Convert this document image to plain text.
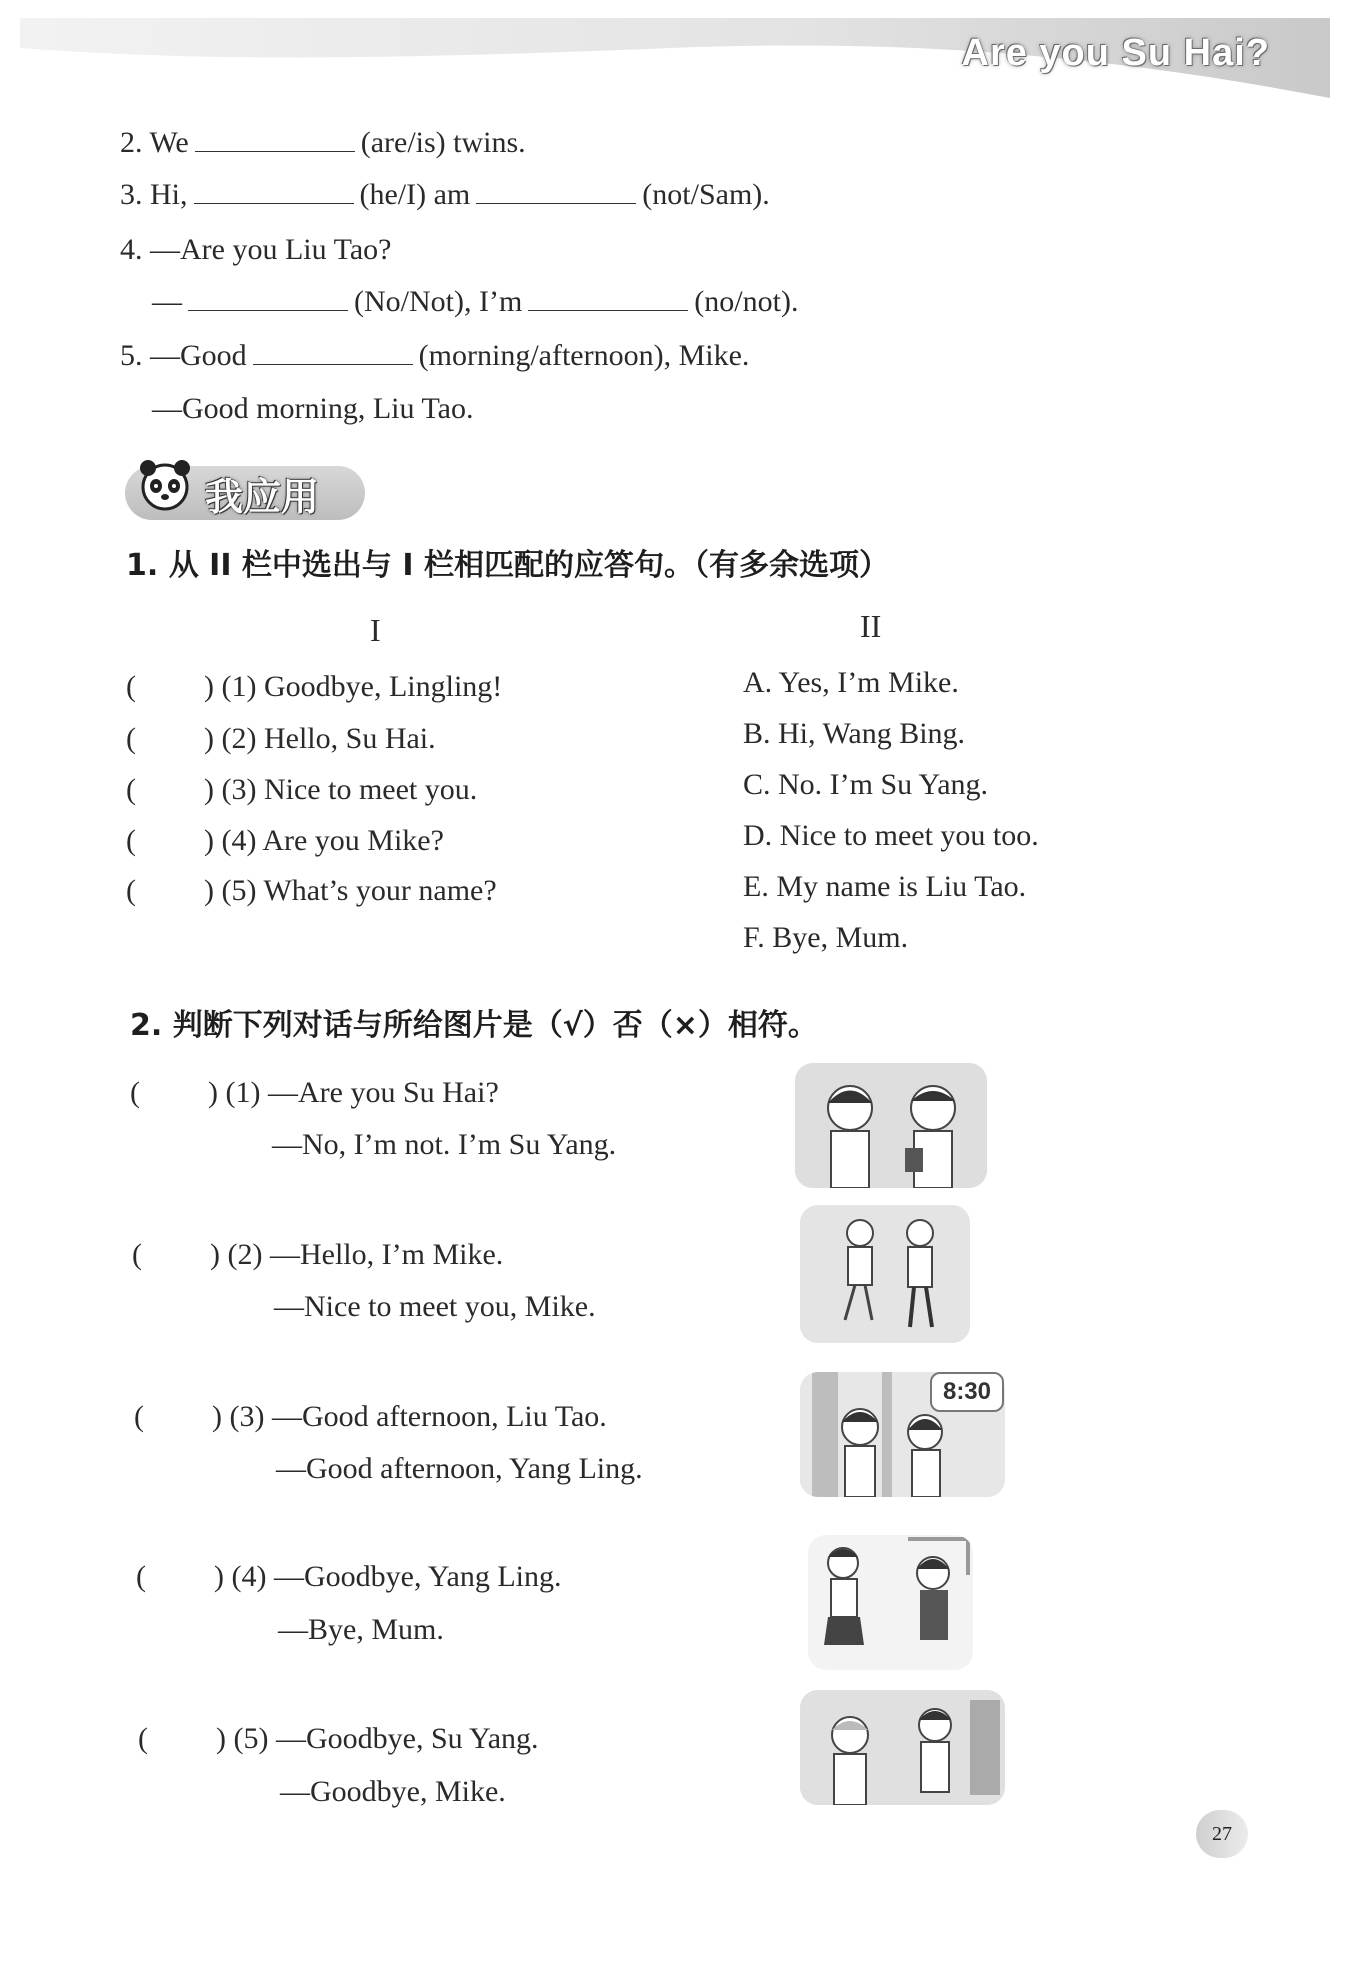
Are you Su Hai?
2. We	(are/is) twins.
3. Hi,	(he/I) am	(not/Sam).
4. —Are you Liu Tao?
—	(No/Not), I’m	(no/not).
5. —Good	(morning/afternoon), Mike.
—Good morning, Liu Tao.
我应用
1. 从 II 栏中选出与 I 栏相匹配的应答句。（有多余选项）
I	II
( ) (1) Goodbye, Lingling!
( ) (2) Hello, Su Hai.
( ) (3) Nice to meet you.
( ) (4) Are you Mike?
( ) (5) What’s your name?
A. Yes, I’m Mike.
B. Hi, Wang Bing.
C. No. I’m Su Yang.
D. Nice to meet you too.
E. My name is Liu Tao.
F. Bye, Mum.
2. 判断下列对话与所给图片是（√）否（×）相符。
( ) (1) —Are you Su Hai?
—No, I’m not. I’m Su Yang.
( ) (2) —Hello, I’m Mike.
—Nice to meet you, Mike.
( ) (3) —Good afternoon, Liu Tao.
—Good afternoon, Yang Ling.
( ) (4) —Goodbye, Yang Ling.
—Bye, Mum.
( ) (5) —Goodbye, Su Yang.
—Goodbye, Mike.
8:30
27
